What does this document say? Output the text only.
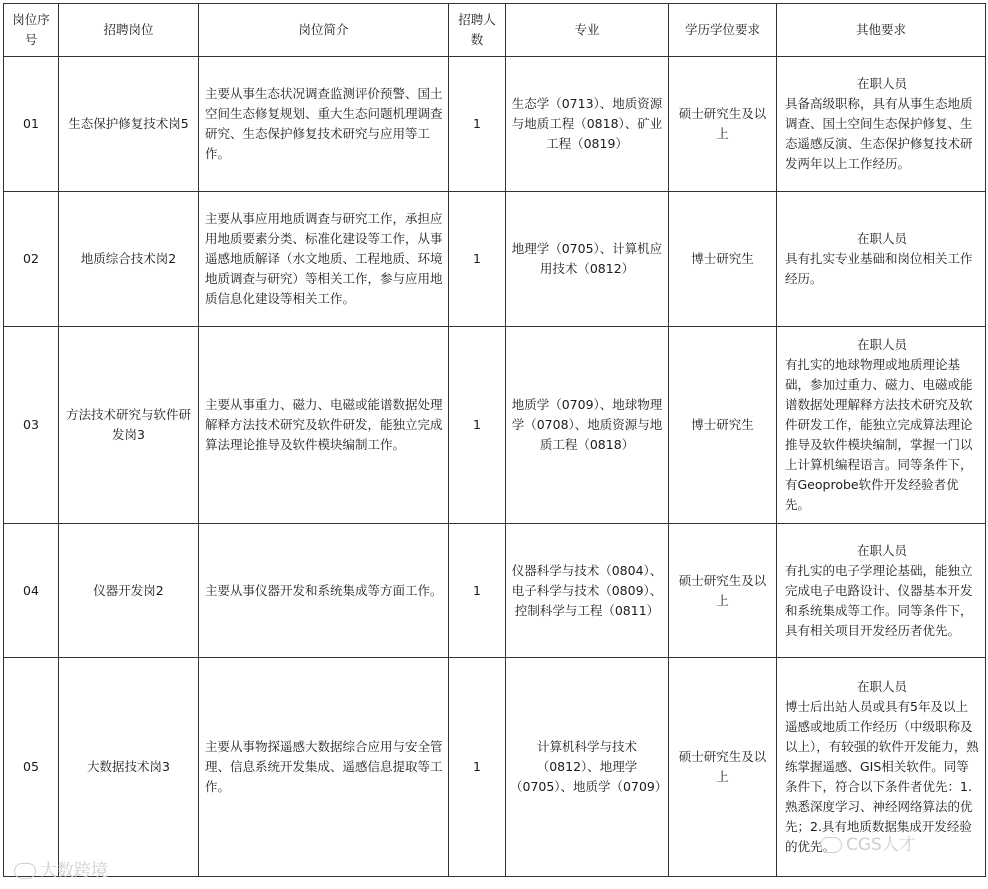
岗位序号	招聘岗位	岗位简介	招聘人数	专业	学历学位要求	其他要求
01	生态保护修复技术岗5	主要从事生态状况调查监测评价预警、国土空间生态修复规划、重大生态问题机理调查研究、生态保护修复技术研究与应用等工作。	1	生态学（0713）、地质资源与地质工程（0818）、矿业工程（0819）	硕士研究生及以上	在职人员
具备高级职称，具有从事生态地质调查、国土空间生态保护修复、生态遥感反演、生态保护修复技术研发两年以上工作经历。

02	地质综合技术岗2	主要从事应用地质调查与研究工作，承担应用地质要素分类、标准化建设等工作，从事遥感地质解译（水文地质、工程地质、环境地质调查与研究）等相关工作，参与应用地质信息化建设等相关工作。	1	地理学（0705）、计算机应用技术（0812）	博士研究生	在职人员
具有扎实专业基础和岗位相关工作经历。

03	方法技术研究与软件研发岗3	主要从事重力、磁力、电磁或能谱数据处理解释方法技术研究及软件研发，能独立完成算法理论推导及软件模块编制工作。	1	地质学（0709）、地球物理学（0708）、地质资源与地质工程（0818）	博士研究生	在职人员
有扎实的地球物理或地质理论基础，参加过重力、磁力、电磁或能谱数据处理解释方法技术研究及软件研发工作，能独立完成算法理论推导及软件模块编制，掌握一门以上计算机编程语言。同等条件下，有Geoprobe软件开发经验者优先。

04	仪器开发岗2	主要从事仪器开发和系统集成等方面工作。	1	仪器科学与技术（0804）、电子科学与技术（0809）、控制科学与工程（0811）	硕士研究生及以上	在职人员
有扎实的电子学理论基础，能独立完成电子电路设计、仪器基本开发和系统集成等工作。同等条件下，具有相关项目开发经历者优先。

05	大数据技术岗3	主要从事物探遥感大数据综合应用与安全管理、信息系统开发集成、遥感信息提取等工作。	1	计算机科学与技术（0812）、地理学（0705）、地质学（0709）	硕士研究生及以上	在职人员
博士后出站人员或具有5年及以上遥感或地质工作经历（中级职称及以上），有较强的软件开发能力，熟练掌握遥感、GIS相关软件。同等条件下，符合以下条件者优先：1.熟悉深度学习、神经网络算法的优先；2.具有地质数据集成开发经验的优先。
大数跨境
CGS人才
